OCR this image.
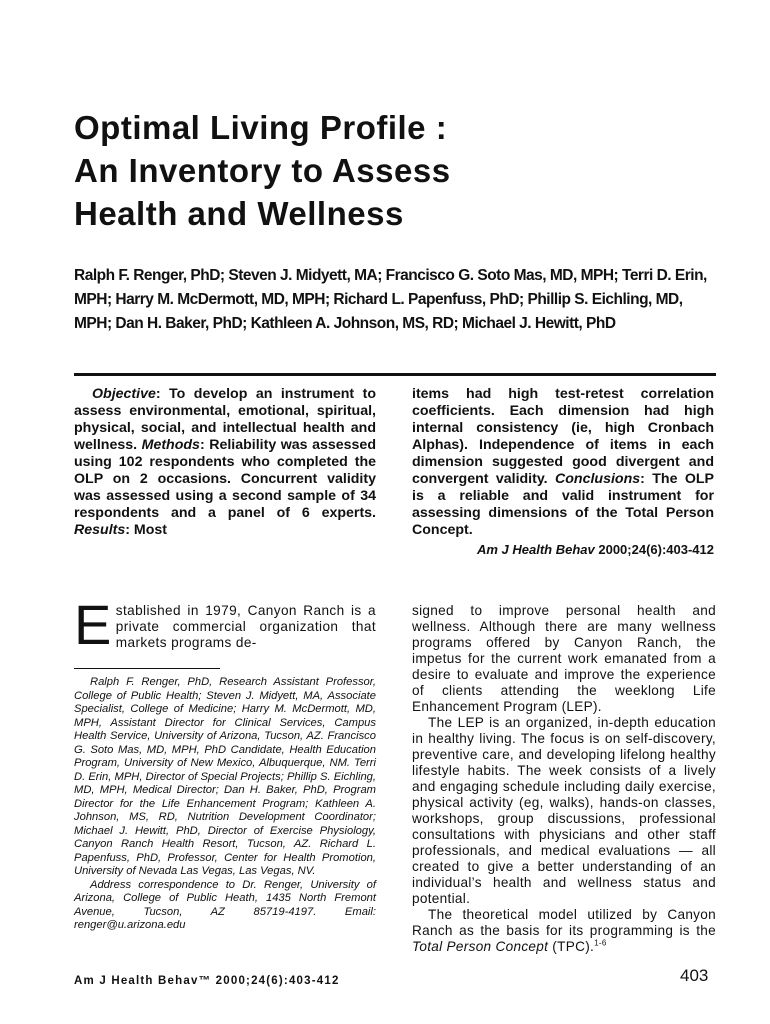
Optimal Living Profile :
An Inventory to Assess
Health and Wellness

Ralph F. Renger, PhD; Steven J. Midyett, MA; Francisco G. Soto Mas, MD, MPH; Terri D. Erin, MPH; Harry M. McDermott, MD, MPH; Richard L. Papenfuss, PhD; Phillip S. Eichling, MD, MPH; Dan H. Baker, PhD; Kathleen A. Johnson, MS, RD; Michael J. Hewitt, PhD

Objective: To develop an instrument to assess environmental, emotional, spiritual, physical, social, and intellectual health and wellness. Methods: Reliability was assessed using 102 respondents who completed the OLP on 2 occasions. Concurrent validity was assessed using a second sample of 34 respondents and a panel of 6 experts. Results: Most

items had high test-retest correlation coefficients. Each dimension had high internal consistency (ie, high Cronbach Alphas). Independence of items in each dimension suggested good divergent and convergent validity. Conclusions: The OLP is a reliable and valid instrument for assessing dimensions of the Total Person Concept.
Am J Health Behav 2000;24(6):403-412

Established in 1979, Canyon Ranch is a private commercial organization that markets programs de-

Ralph F. Renger, PhD, Research Assistant Professor, College of Public Health; Steven J. Midyett, MA, Associate Specialist, College of Medicine; Harry M. McDermott, MD, MPH, Assistant Director for Clinical Services, Campus Health Service, University of Arizona, Tucson, AZ. Francisco G. Soto Mas, MD, MPH, PhD Candidate, Health Education Program, University of New Mexico, Albuquerque, NM. Terri D. Erin, MPH, Director of Special Projects; Phillip S. Eichling, MD, MPH, Medical Director; Dan H. Baker, PhD, Program Director for the Life Enhancement Program; Kathleen A. Johnson, MS, RD, Nutrition Development Coordinator; Michael J. Hewitt, PhD, Director of Exercise Physiology, Canyon Ranch Health Resort, Tucson, AZ. Richard L. Papenfuss, PhD, Professor, Center for Health Promotion, University of Nevada Las Vegas, Las Vegas, NV.

Address correspondence to Dr. Renger, University of Arizona, College of Public Heath, 1435 North Fremont Avenue, Tucson, AZ 85719-4197. Email: renger@u.arizona.edu

signed to improve personal health and wellness. Although there are many wellness programs offered by Canyon Ranch, the impetus for the current work emanated from a desire to evaluate and improve the experience of clients attending the weeklong Life Enhancement Program (LEP).

The LEP is an organized, in-depth education in healthy living. The focus is on self-discovery, preventive care, and developing lifelong healthy lifestyle habits. The week consists of a lively and engaging schedule including daily exercise, physical activity (eg, walks), hands-on classes, workshops, group discussions, professional consultations with physicians and other staff professionals, and medical evaluations — all created to give a better understanding of an individual’s health and wellness status and potential.

The theoretical model utilized by Canyon Ranch as the basis for its programming is the Total Person Concept (TPC).$^{1-6}$

Am J Health Behav™ 2000;24(6):403-412	403
